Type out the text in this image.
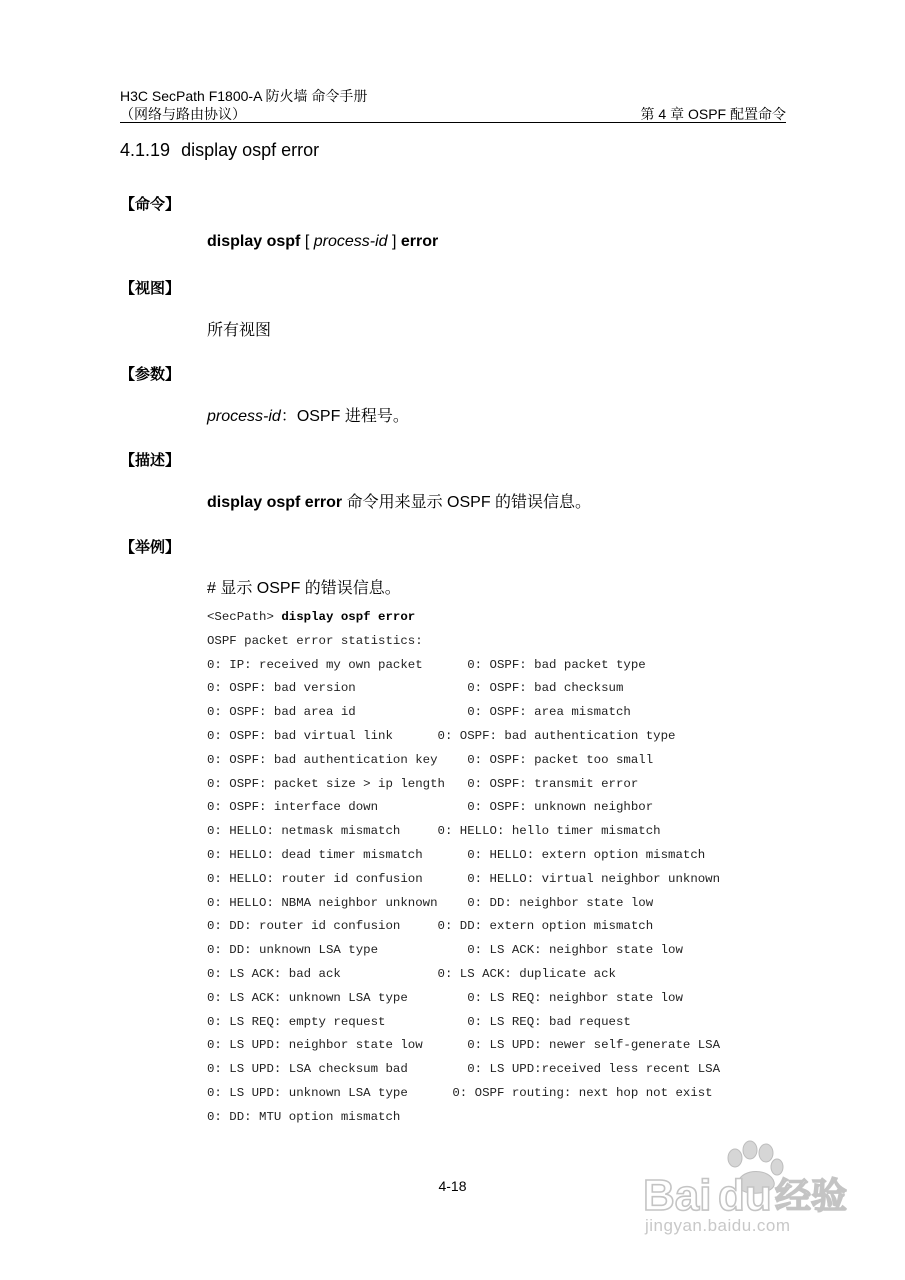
H3C SecPath F1800-A 防火墙 命令手册
（网络与路由协议）	第 4 章 OSPF 配置命令
4.1.19 display ospf error
【命令】
display ospf [ process-id ] error
【视图】
所有视图
【参数】
process-id：OSPF 进程号。
【描述】
display ospf error 命令用来显示 OSPF 的错误信息。
【举例】
# 显示 OSPF 的错误信息。
<SecPath> display ospf error
OSPF packet error statistics:
0: IP: received my own packet      0: OSPF: bad packet type
0: OSPF: bad version               0: OSPF: bad checksum
0: OSPF: bad area id               0: OSPF: area mismatch
0: OSPF: bad virtual link      0: OSPF: bad authentication type
0: OSPF: bad authentication key    0: OSPF: packet too small
0: OSPF: packet size > ip length   0: OSPF: transmit error
0: OSPF: interface down            0: OSPF: unknown neighbor
0: HELLO: netmask mismatch     0: HELLO: hello timer mismatch
0: HELLO: dead timer mismatch      0: HELLO: extern option mismatch
0: HELLO: router id confusion      0: HELLO: virtual neighbor unknown
0: HELLO: NBMA neighbor unknown    0: DD: neighbor state low
0: DD: router id confusion     0: DD: extern option mismatch
0: DD: unknown LSA type            0: LS ACK: neighbor state low
0: LS ACK: bad ack             0: LS ACK: duplicate ack
0: LS ACK: unknown LSA type        0: LS REQ: neighbor state low
0: LS REQ: empty request           0: LS REQ: bad request
0: LS UPD: neighbor state low      0: LS UPD: newer self-generate LSA
0: LS UPD: LSA checksum bad        0: LS UPD:received less recent LSA
0: LS UPD: unknown LSA type      0: OSPF routing: next hop not exist
0: DD: MTU option mismatch
4-18	Bai du 经验
jingyan.baidu.com
